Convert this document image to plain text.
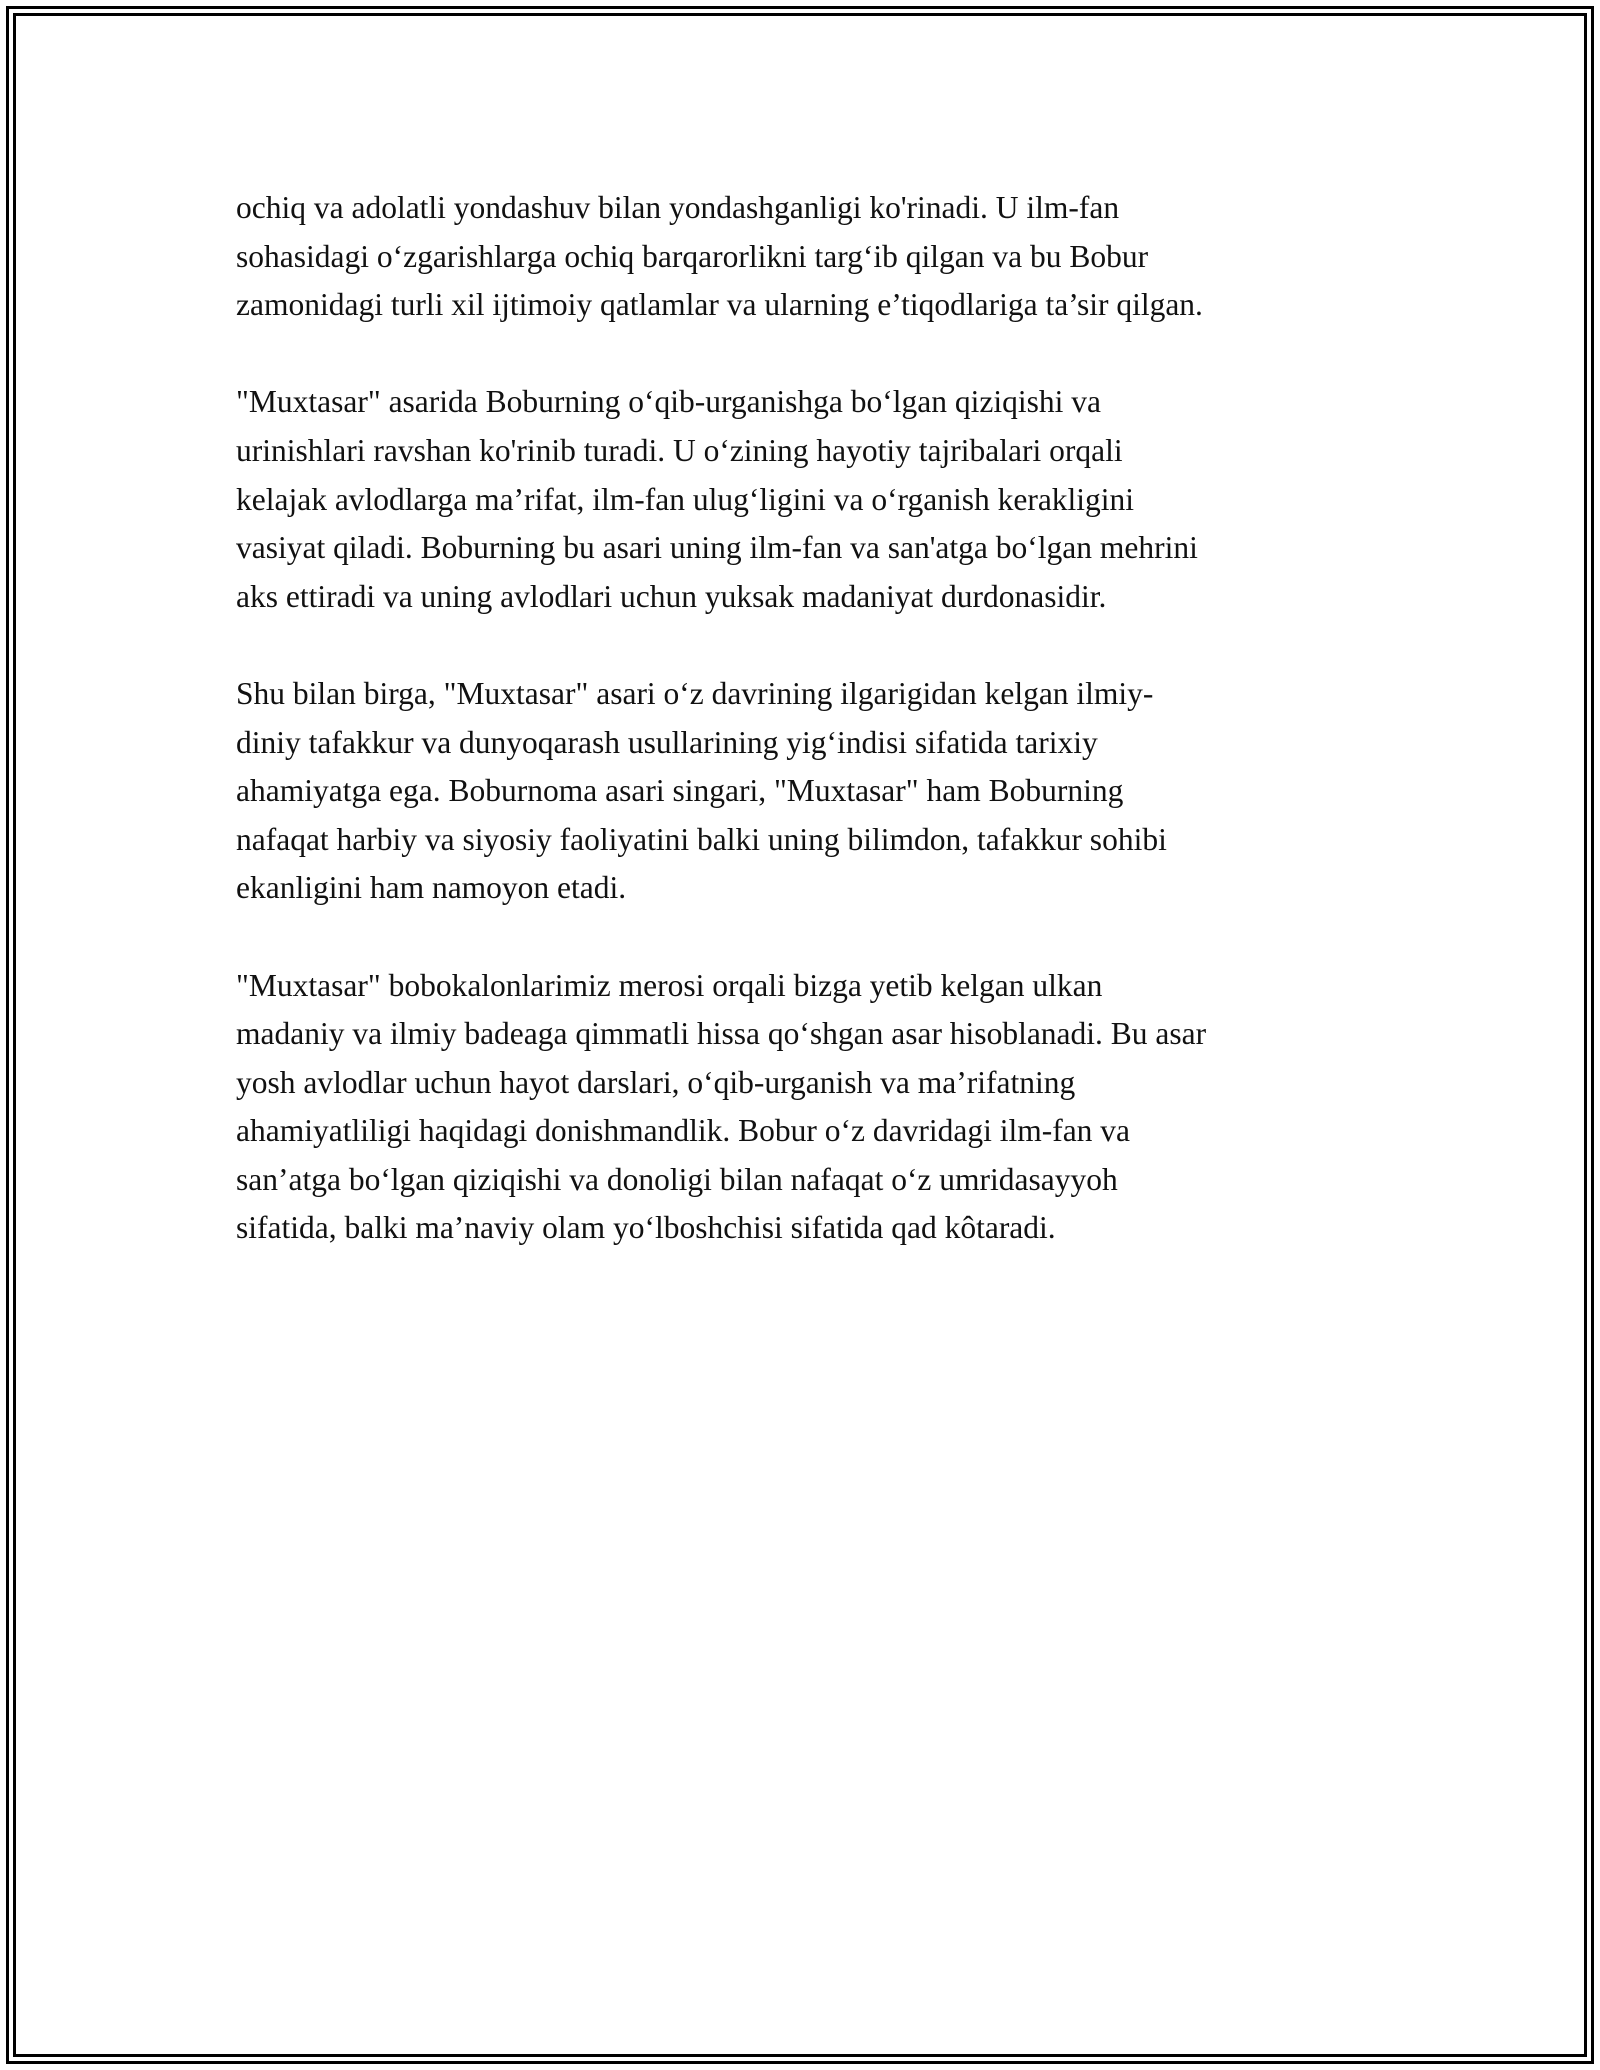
ochiq va adolatli yondashuv bilan yondashganligi ko'rinadi. U ilm-fan
sohasidagi o‘zgarishlarga ochiq barqarorlikni targ‘ib qilgan va bu Bobur
zamonidagi turli xil ijtimoiy qatlamlar va ularning e’tiqodlariga ta’sir qilgan.
"Muxtasar" asarida Boburning o‘qib-urganishga bo‘lgan qiziqishi va
urinishlari ravshan ko'rinib turadi. U o‘zining hayotiy tajribalari orqali
kelajak avlodlarga ma’rifat, ilm-fan ulug‘ligini va o‘rganish kerakligini
vasiyat qiladi. Boburning bu asari uning ilm-fan va san'atga bo‘lgan mehrini
aks ettiradi va uning avlodlari uchun yuksak madaniyat durdonasidir.
Shu bilan birga, "Muxtasar" asari o‘z davrining ilgarigidan kelgan ilmiy-
diniy tafakkur va dunyoqarash usullarining yig‘indisi sifatida tarixiy
ahamiyatga ega. Boburnoma asari singari, "Muxtasar" ham Boburning
nafaqat harbiy va siyosiy faoliyatini balki uning bilimdon, tafakkur sohibi
ekanligini ham namoyon etadi.
"Muxtasar" bobokalonlarimiz merosi orqali bizga yetib kelgan ulkan
madaniy va ilmiy badeaga qimmatli hissa qo‘shgan asar hisoblanadi. Bu asar
yosh avlodlar uchun hayot darslari, o‘qib-urganish va ma’rifatning
ahamiyatliligi haqidagi donishmandlik. Bobur o‘z davridagi ilm-fan va
san’atga bo‘lgan qiziqishi va donoligi bilan nafaqat o‘z umridasayyoh
sifatida, balki ma’naviy olam yo‘lboshchisi sifatida qad kôtaradi.
